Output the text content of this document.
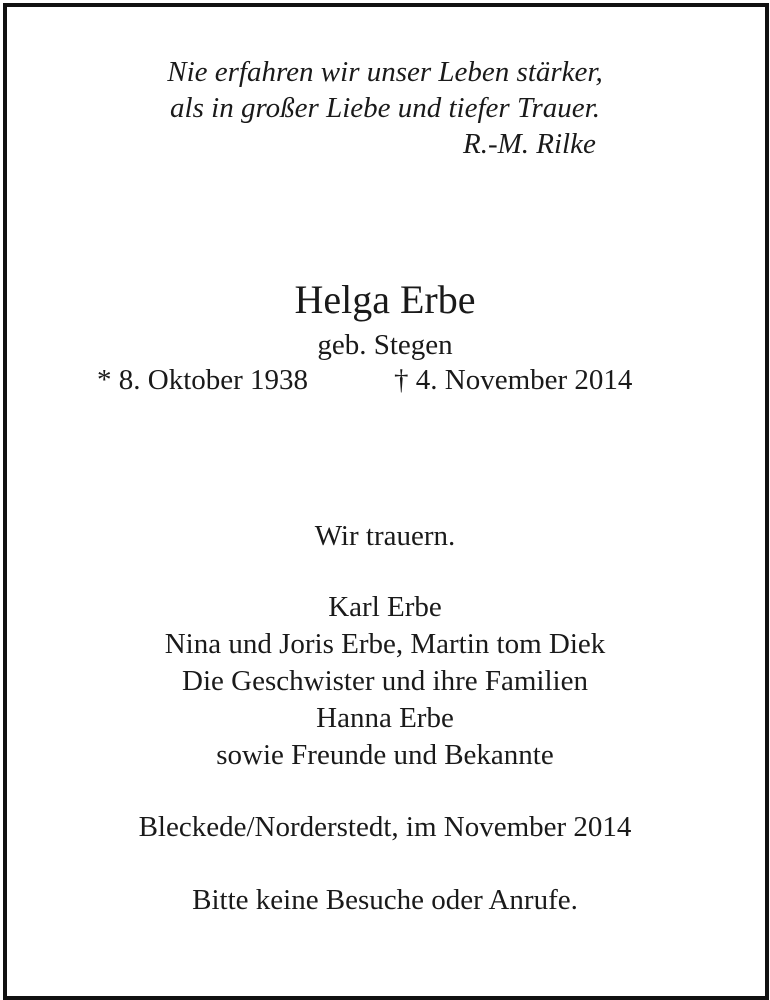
Nie erfahren wir unser Leben stärker,
als in großer Liebe und tiefer Trauer.
R.-M. Rilke
Helga Erbe
geb. Stegen
* 8. Oktober 1938	† 4. November 2014
Wir trauern.
Karl Erbe
Nina und Joris Erbe, Martin tom Diek
Die Geschwister und ihre Familien
Hanna Erbe
sowie Freunde und Bekannte
Bleckede/Norderstedt, im November 2014
Bitte keine Besuche oder Anrufe.
